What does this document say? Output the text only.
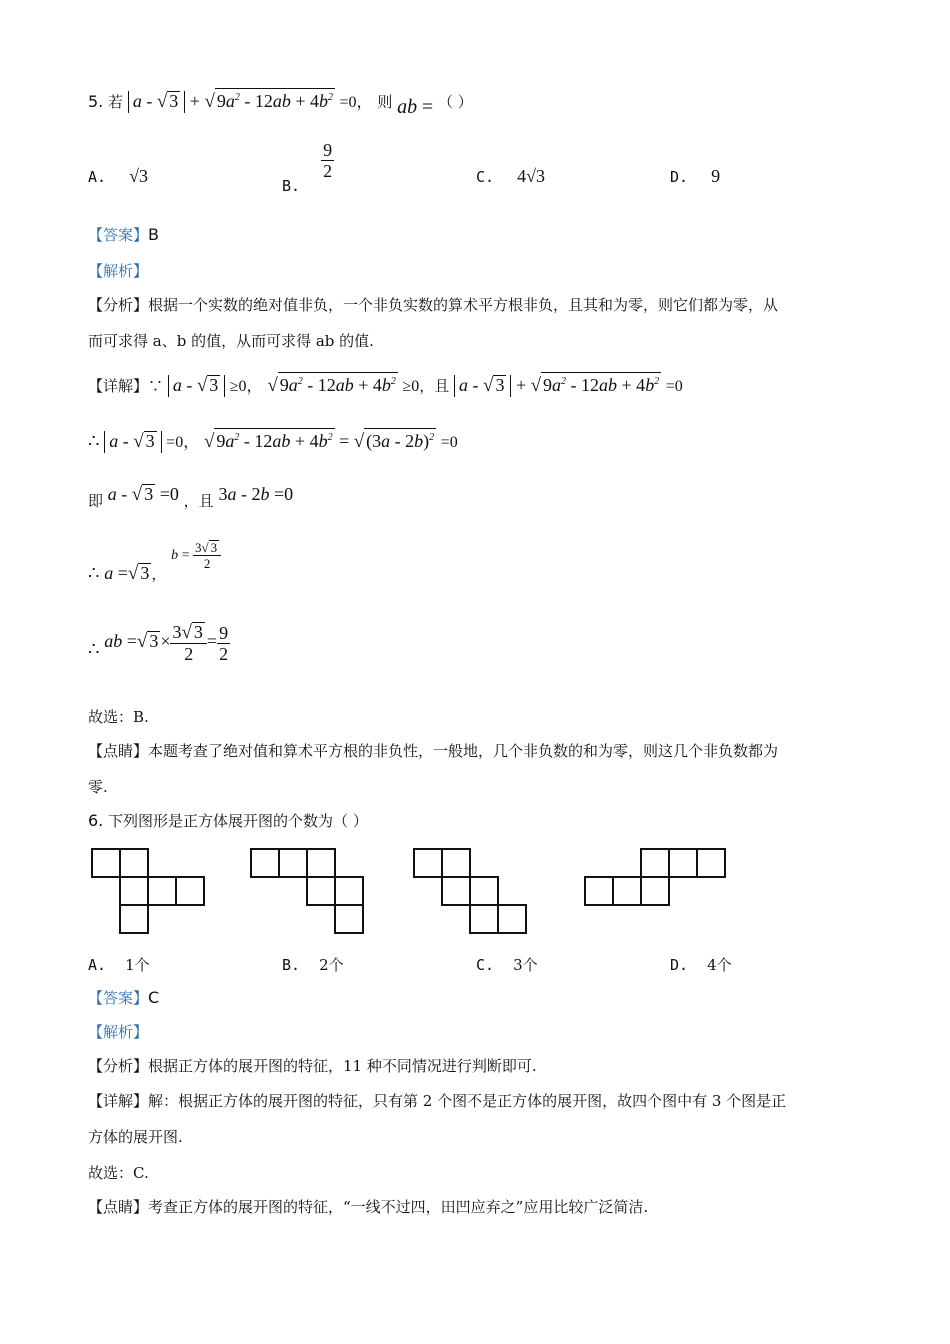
5. 若 a - √ 3 + √ $9a^2 - 12ab + 4b^2 =0$， 则 ab = （ ）
A. √3	B.
$\frac{9}{2}$	C. 4√3	D. 9
【答案】B
【解析】
【分析】根据一个实数的绝对值非负，一个非负实数的算术平方根非负，且其和为零，则它们都为零，从
而可求得 a、b 的值，从而可求得 ab 的值.
【详解】∵ a - √ 3 ≥0， √ $9a^2 - 12ab + 4b^2 \ge 0$，且 a - √ 3 + √ $9a^2 - 12ab + 4b^2 =0$
∴ a - √ 3 =0， √ $9a^2 - 12ab + 4b^2$ = √ (3a - 2b)$^2$ =0
即 a - √ 3 =0 ，且 3a - 2b =0
∴ a =√ 3 ， $b = \frac{3√ 3}{2}$
∴ ab =√ $3 \times \frac{3√ 3}{2} = \frac{9}{2}$
故选：B.
【点睛】本题考查了绝对值和算术平方根的非负性，一般地，几个非负数的和为零，则这几个非负数都为
零.
6. 下列图形是正方体展开图的个数为（ ）
A. 1个	B. 2个	C. 3个	D. 4个
【答案】C
【解析】
【分析】根据正方体的展开图的特征，11 种不同情况进行判断即可.
【详解】解：根据正方体的展开图的特征，只有第 2 个图不是正方体的展开图，故四个图中有 3 个图是正
方体的展开图.
故选：C.
【点睛】考查正方体的展开图的特征，“一线不过四，田凹应弃之”应用比较广泛简洁.
